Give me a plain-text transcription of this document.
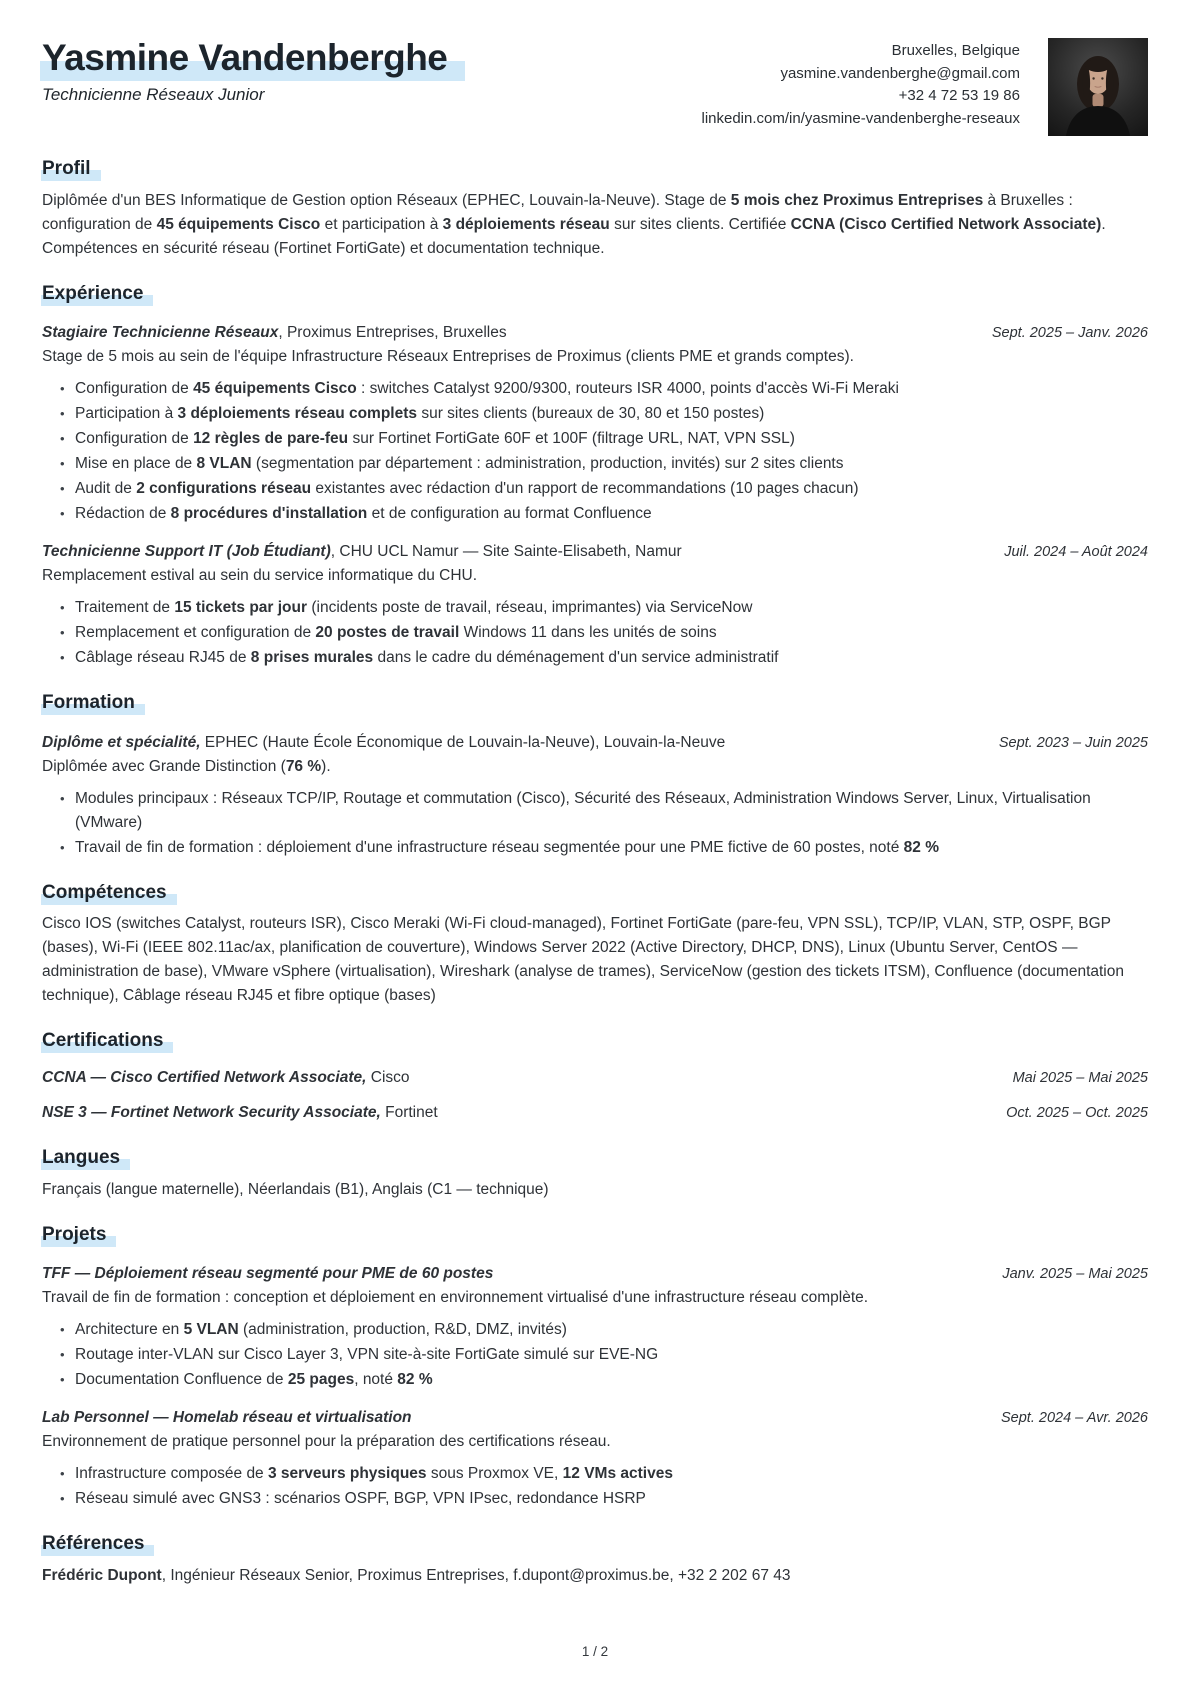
Yasmine Vandenberghe
Technicienne Réseaux Junior
Bruxelles, Belgique
yasmine.vandenberghe@gmail.com
+32 4 72 53 19 86
linkedin.com/in/yasmine-vandenberghe-reseaux
Profil

Diplômée d'un BES Informatique de Gestion option Réseaux (EPHEC, Louvain-la-Neuve). Stage de 5 mois chez Proximus Entreprises à Bruxelles : configuration de 45 équipements Cisco et participation à 3 déploiements réseau sur sites clients. Certifiée CCNA (Cisco Certified Network Associate). Compétences en sécurité réseau (Fortinet FortiGate) et documentation technique.

Expérience

Stagiaire Technicienne Réseaux, Proximus Entreprises, Bruxelles	Sept. 2025 – Janv. 2026

Stage de 5 mois au sein de l'équipe Infrastructure Réseaux Entreprises de Proximus (clients PME et grands comptes).

• Configuration de 45 équipements Cisco : switches Catalyst 9200/9300, routeurs ISR 4000, points d'accès Wi-Fi Meraki
• Participation à 3 déploiements réseau complets sur sites clients (bureaux de 30, 80 et 150 postes)
• Configuration de 12 règles de pare-feu sur Fortinet FortiGate 60F et 100F (filtrage URL, NAT, VPN SSL)
• Mise en place de 8 VLAN (segmentation par département : administration, production, invités) sur 2 sites clients
• Audit de 2 configurations réseau existantes avec rédaction d'un rapport de recommandations (10 pages chacun)
• Rédaction de 8 procédures d'installation et de configuration au format Confluence

Technicienne Support IT (Job Étudiant), CHU UCL Namur — Site Sainte-Elisabeth, Namur	Juil. 2024 – Août 2024

Remplacement estival au sein du service informatique du CHU.

• Traitement de 15 tickets par jour (incidents poste de travail, réseau, imprimantes) via ServiceNow
• Remplacement et configuration de 20 postes de travail Windows 11 dans les unités de soins
• Câblage réseau RJ45 de 8 prises murales dans le cadre du déménagement d'un service administratif
Formation

Diplôme et spécialité, EPHEC (Haute École Économique de Louvain-la-Neuve), Louvain-la-Neuve	Sept. 2023 – Juin 2025

Diplômée avec Grande Distinction (76 %).

• Modules principaux : Réseaux TCP/IP, Routage et commutation (Cisco), Sécurité des Réseaux, Administration Windows Server, Linux, Virtualisation (VMware)
• Travail de fin de formation : déploiement d'une infrastructure réseau segmentée pour une PME fictive de 60 postes, noté 82 %
Compétences

Cisco IOS (switches Catalyst, routeurs ISR), Cisco Meraki (Wi-Fi cloud-managed), Fortinet FortiGate (pare-feu, VPN SSL), TCP/IP, VLAN, STP, OSPF, BGP (bases), Wi-Fi (IEEE 802.11ac/ax, planification de couverture), Windows Server 2022 (Active Directory, DHCP, DNS), Linux (Ubuntu Server, CentOS — administration de base), VMware vSphere (virtualisation), Wireshark (analyse de trames), ServiceNow (gestion des tickets ITSM), Confluence (documentation technique), Câblage réseau RJ45 et fibre optique (bases)

Certifications

CCNA — Cisco Certified Network Associate, Cisco	Mai 2025 – Mai 2025

NSE 3 — Fortinet Network Security Associate, Fortinet	Oct. 2025 – Oct. 2025
Langues

Français (langue maternelle), Néerlandais (B1), Anglais (C1 — technique)

Projets

TFF — Déploiement réseau segmenté pour PME de 60 postes	Janv. 2025 – Mai 2025

Travail de fin de formation : conception et déploiement en environnement virtualisé d'une infrastructure réseau complète.

• Architecture en 5 VLAN (administration, production, R&D, DMZ, invités)
• Routage inter-VLAN sur Cisco Layer 3, VPN site-à-site FortiGate simulé sur EVE-NG
• Documentation Confluence de 25 pages, noté 82 %

Lab Personnel — Homelab réseau et virtualisation	Sept. 2024 – Avr. 2026

Environnement de pratique personnel pour la préparation des certifications réseau.

• Infrastructure composée de 3 serveurs physiques sous Proxmox VE, 12 VMs actives
• Réseau simulé avec GNS3 : scénarios OSPF, BGP, VPN IPsec, redondance HSRP
Références

Frédéric Dupont, Ingénieur Réseaux Senior, Proximus Entreprises, f.dupont@proximus.be, +32 2 202 67 43

1 / 2
